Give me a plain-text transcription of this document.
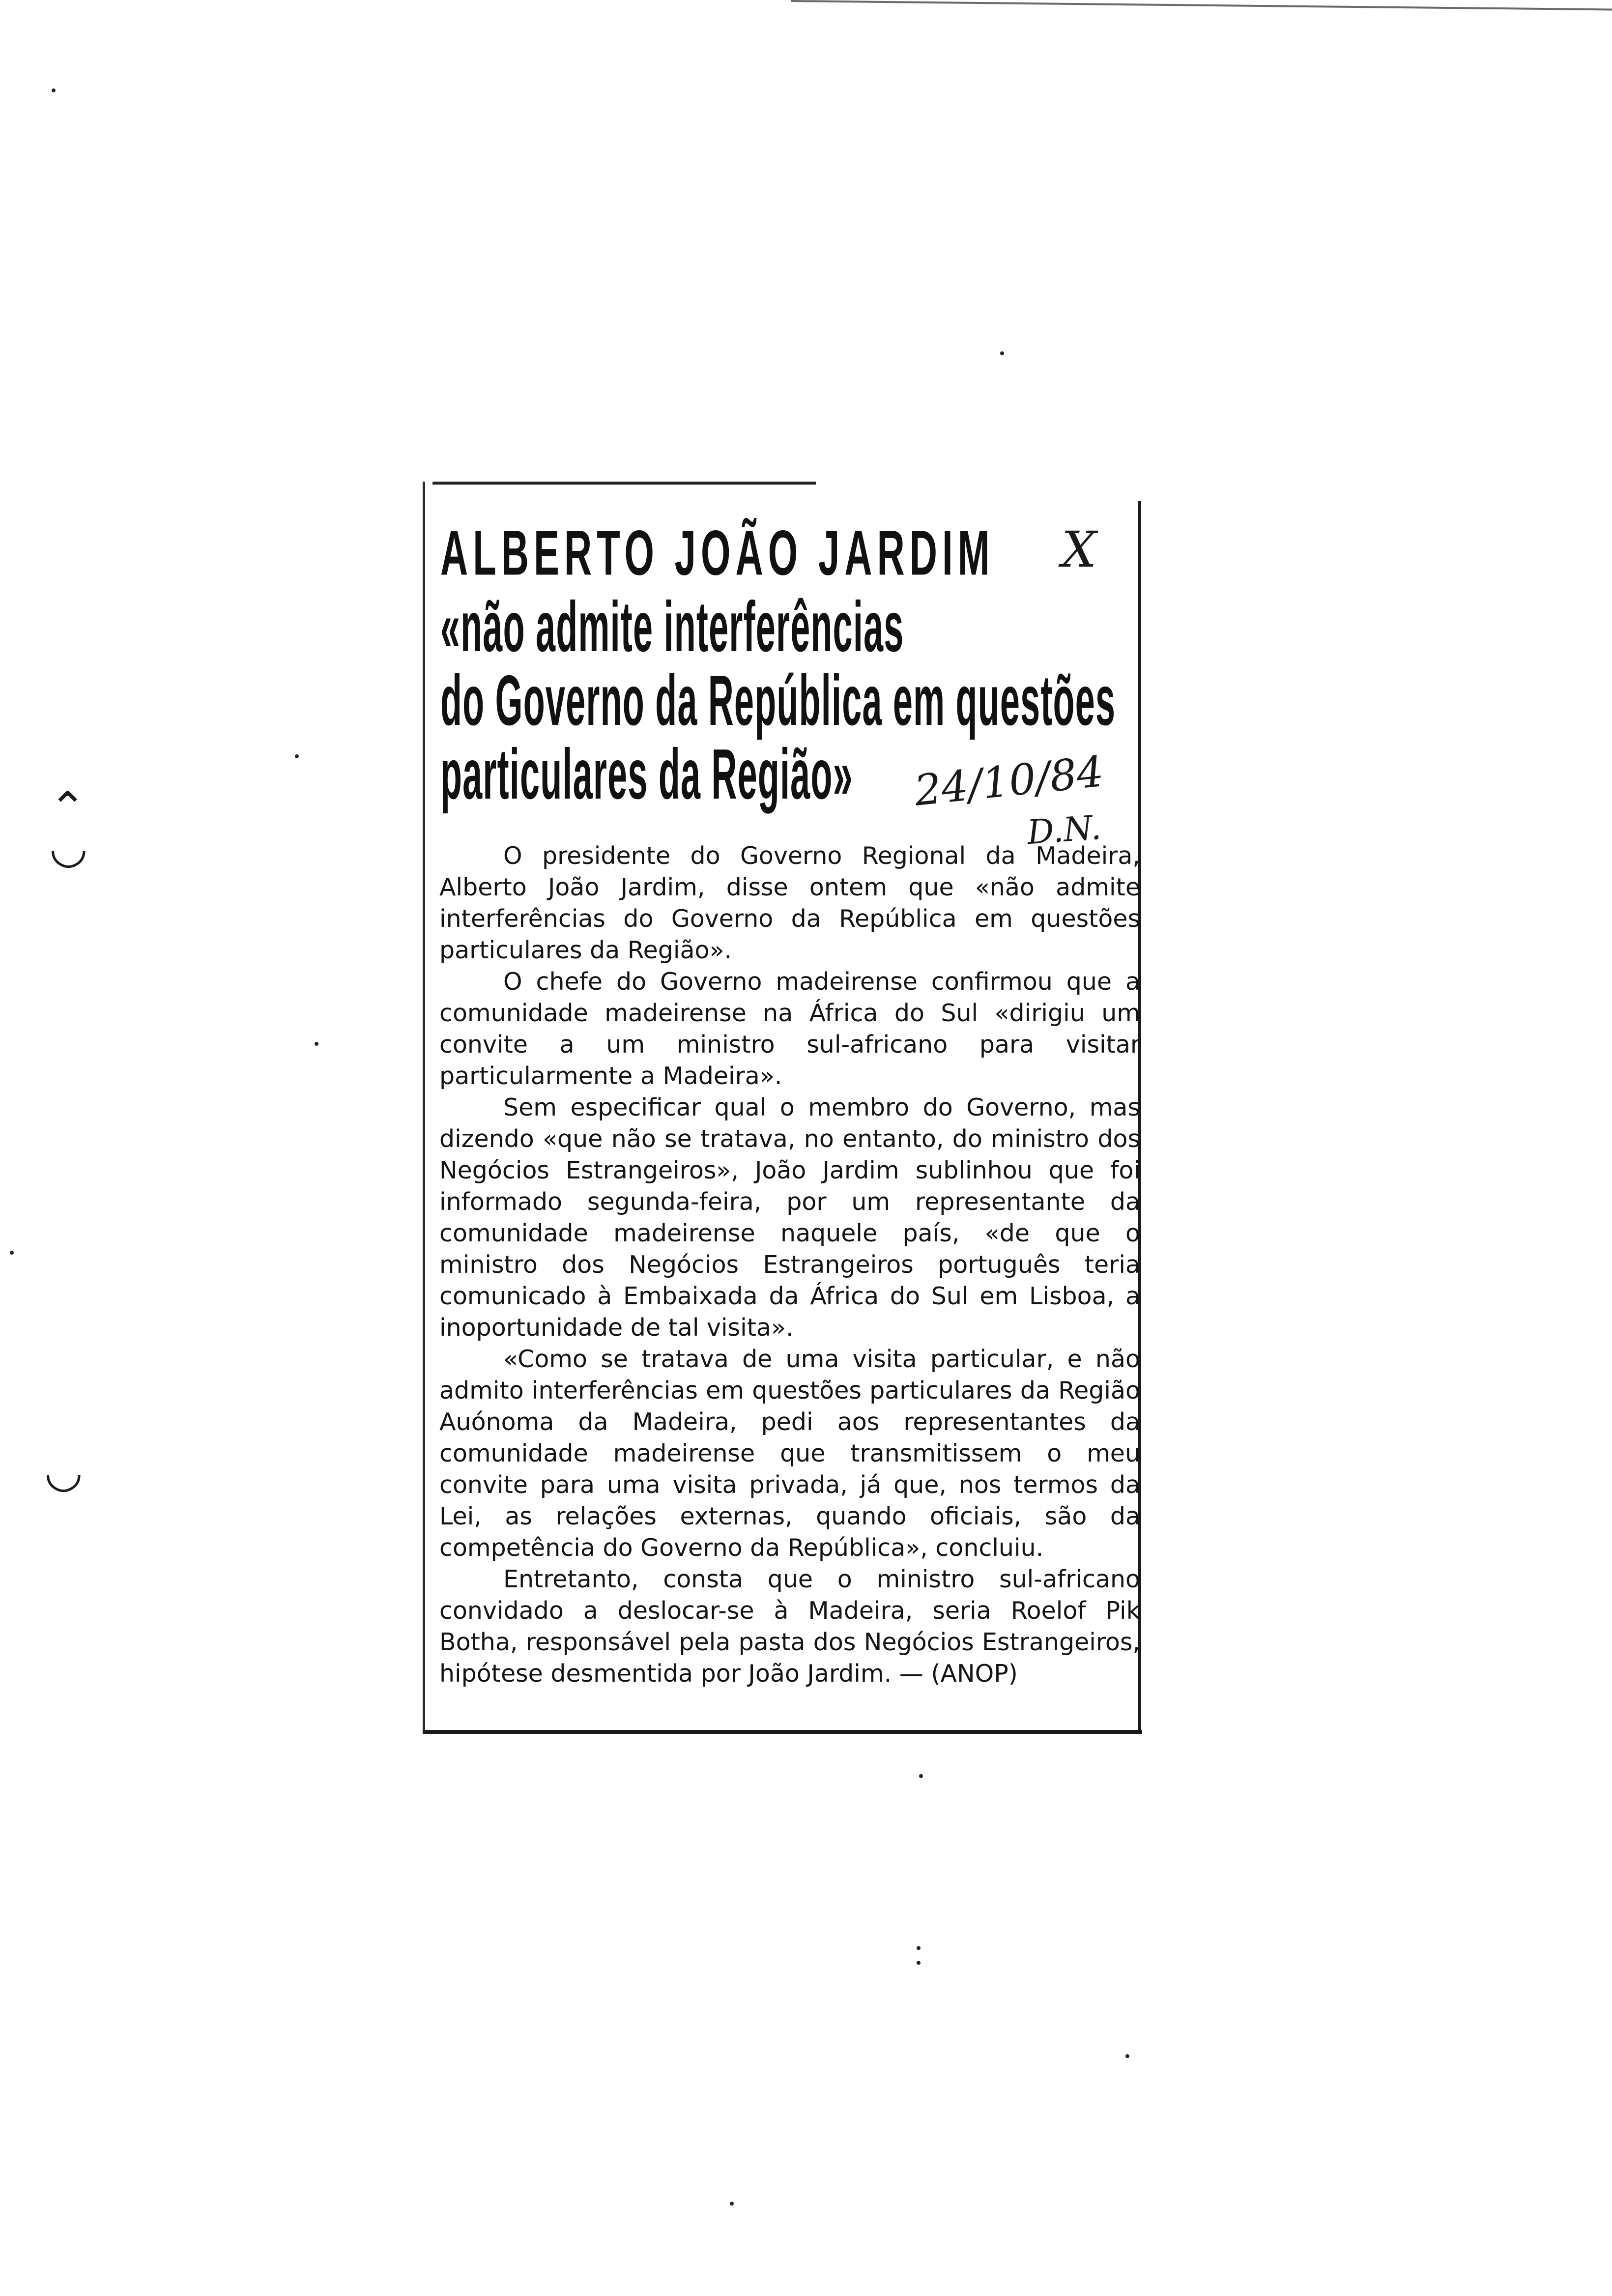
⌃
◡
◡
ALBERTO JOÃO JARDIM
«não admite interferências
do Governo da República em questões
particulares da Região»
X
24/10/84
D.N.

O presidente do Governo Regional da Madeira, Alberto João Jardim, disse ontem que «não admite interferências do Governo da República em questões particulares da Região».

O chefe do Governo madeirense confirmou que a comunidade madeirense na África do Sul «dirigiu um convite a um ministro sul-africano para visitar particularmente a Madeira».

Sem especificar qual o membro do Governo, mas dizendo «que não se tratava, no entanto, do ministro dos Negócios Estrangeiros», João Jardim sublinhou que foi informado segunda-feira, por um representante da comunidade madeirense naquele país, «de que o ministro dos Negócios Estrangeiros português teria comunicado à Embaixada da África do Sul em Lisboa, a inoportunidade de tal visita».

«Como se tratava de uma visita particular, e não admito interferências em questões particulares da Região Auónoma da Madeira, pedi aos representantes da comunidade madeirense que transmitissem o meu convite para uma visita privada, já que, nos termos da Lei, as relações externas, quando oficiais, são da competência do Governo da República», concluiu.

Entretanto, consta que o ministro sul-africano convidado a deslocar-se à Madeira, seria Roelof Pik Botha, responsável pela pasta dos Negócios Estrangeiros, hipótese desmentida por João Jardim. — (ANOP)
